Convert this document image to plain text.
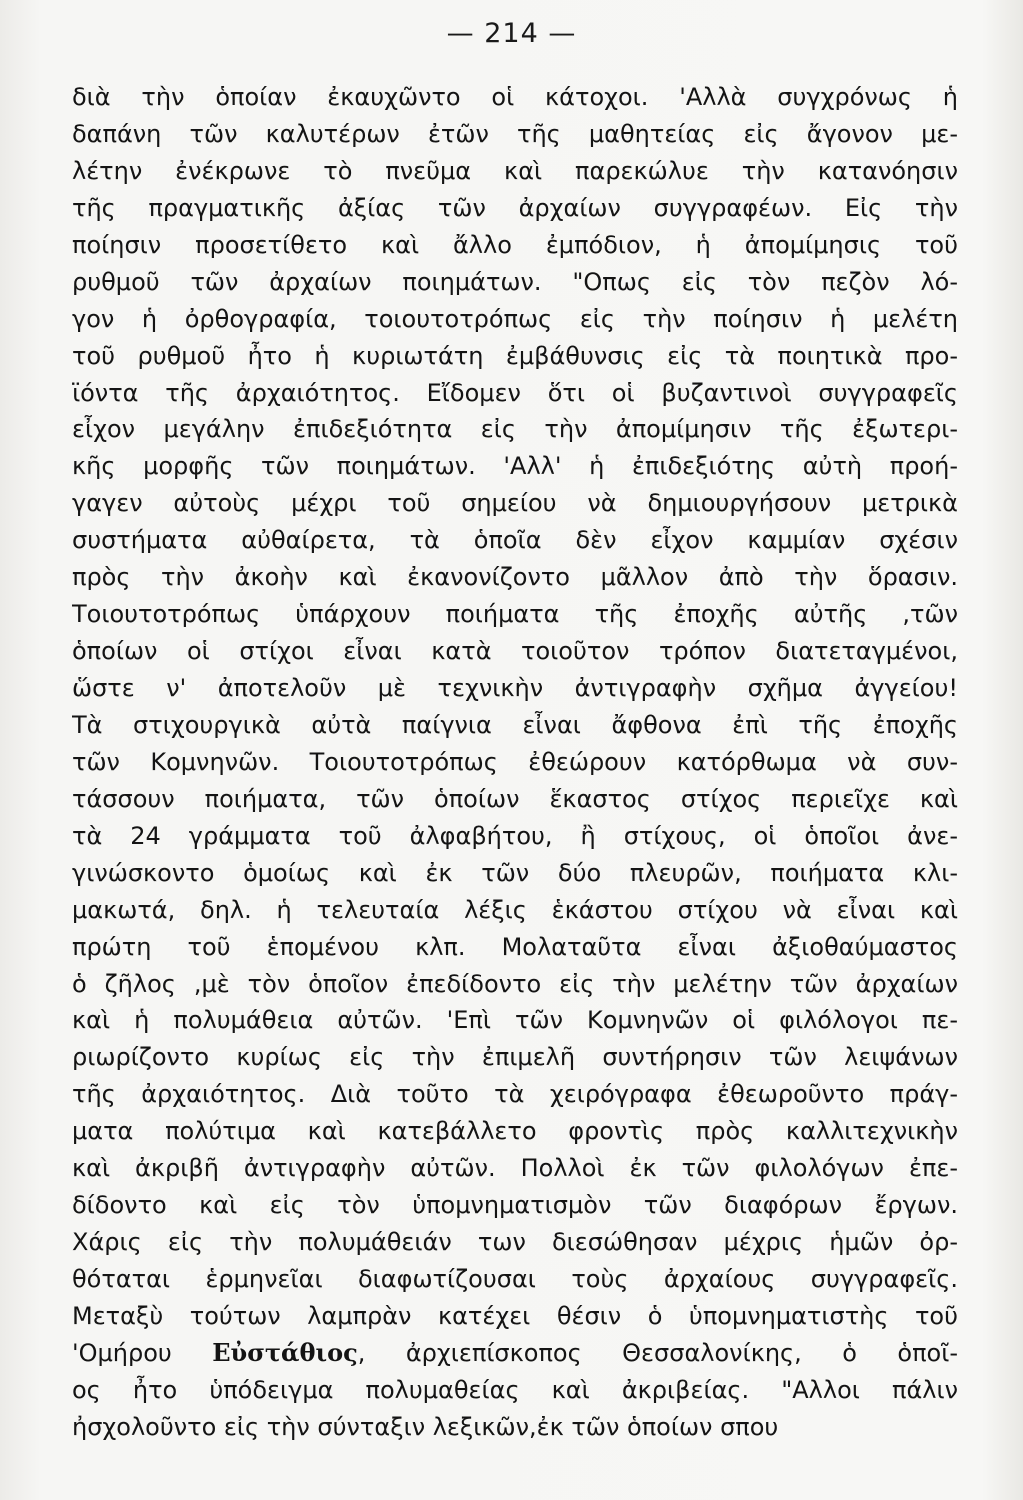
— 214 —
διὰ τὴν ὁποίαν ἐκαυχῶντο οἱ κάτοχοι. 'Αλλὰ συγχρόνως ἡ
δαπάνη τῶν καλυτέρων ἐτῶν τῆς μαθητείας εἰς ἄγονον με-
λέτην ἐνέκρωνε τὸ πνεῦμα καὶ παρεκώλυε τὴν κατανόησιν
τῆς πραγματικῆς ἀξίας τῶν ἀρχαίων συγγραφέων. Εἰς τὴν
ποίησιν προσετίθετο καὶ ἄλλο ἐμπόδιον, ἡ ἀπομίμησις τοῦ
ρυθμοῦ τῶν ἀρχαίων ποιημάτων. "Οπως εἰς τὸν πεζὸν λό-
γον ἡ ὀρθογραφία, τοιουτοτρόπως εἰς τὴν ποίησιν ἡ μελέτη
τοῦ ρυθμοῦ ἦτο ἡ κυριωτάτη ἐμβάθυνσις εἰς τὰ ποιητικὰ προ-
ϊόντα τῆς ἀρχαιότητος. Εἴδομεν ὅτι οἱ βυζαντινοὶ συγγραφεῖς
εἶχον μεγάλην ἐπιδεξιότητα εἰς τὴν ἀπομίμησιν τῆς ἐξωτερι-
κῆς μορφῆς τῶν ποιημάτων. 'Αλλ' ἡ ἐπιδεξιότης αὐτὴ προή-
γαγεν αὐτοὺς μέχρι τοῦ σημείου νὰ δημιουργήσουν μετρικὰ
συστήματα αὐθαίρετα, τὰ ὁποῖα δὲν εἶχον καμμίαν σχέσιν
πρὸς τὴν ἀκοὴν καὶ ἐκανονίζοντο μᾶλλον ἀπὸ τὴν ὅρασιν.
Τοιουτοτρόπως ὑπάρχουν ποιήματα τῆς ἐποχῆς αὐτῆς ,τῶν
ὁποίων οἱ στίχοι εἶναι κατὰ τοιοῦτον τρόπον διατεταγμένοι,
ὥστε ν' ἀποτελοῦν μὲ τεχνικὴν ἀντιγραφὴν σχῆμα ἀγγείου!
Τὰ στιχουργικὰ αὐτὰ παίγνια εἶναι ἄφθονα ἐπὶ τῆς ἐποχῆς
τῶν Κομνηνῶν. Τοιουτοτρόπως ἐθεώρουν κατόρθωμα νὰ συν-
τάσσουν ποιήματα, τῶν ὁποίων ἕκαστος στίχος περιεῖχε καὶ
τὰ 24 γράμματα τοῦ ἀλφαβήτου, ἢ στίχους, οἱ ὁποῖοι ἀνε-
γινώσκοντο ὁμοίως καὶ ἐκ τῶν δύο πλευρῶν, ποιήματα κλι-
μακωτά, δηλ. ἡ τελευταία λέξις ἑκάστου στίχου νὰ εἶναι καὶ
πρώτη τοῦ ἑπομένου κλπ. Μολαταῦτα εἶναι ἀξιοθαύμαστος
ὁ ζῆλος ,μὲ τὸν ὁποῖον ἐπεδίδοντο εἰς τὴν μελέτην τῶν ἀρχαίων
καὶ ἡ πολυμάθεια αὐτῶν. 'Επὶ τῶν Κομνηνῶν οἱ φιλόλογοι πε-
ριωρίζοντο κυρίως εἰς τὴν ἐπιμελῆ συντήρησιν τῶν λειψάνων
τῆς ἀρχαιότητος. Διὰ τοῦτο τὰ χειρόγραφα ἐθεωροῦντο πράγ-
ματα πολύτιμα καὶ κατεβάλλετο φροντὶς πρὸς καλλιτεχνικὴν
καὶ ἀκριβῆ ἀντιγραφὴν αὐτῶν. Πολλοὶ ἐκ τῶν φιλολόγων ἐπε-
δίδοντο καὶ εἰς τὸν ὑπομνηματισμὸν τῶν διαφόρων ἔργων.
Χάρις εἰς τὴν πολυμάθειάν των διεσώθησαν μέχρις ἡμῶν ὀρ-
θόταται ἑρμηνεῖαι διαφωτίζουσαι τοὺς ἀρχαίους συγγραφεῖς.
Μεταξὺ τούτων λαμπρὰν κατέχει θέσιν ὁ ὑπομνηματιστὴς τοῦ
'Ομήρου Εὐστάθιος, ἀρχιεπίσκοπος Θεσσαλονίκης, ὁ ὁποῖ-
ος ἦτο ὑπόδειγμα πολυμαθείας καὶ ἀκριβείας. "Αλλοι πάλιν
ἠσχολοῦντο εἰς τὴν σύνταξιν λεξικῶν,ἐκ τῶν ὁποίων σπου
